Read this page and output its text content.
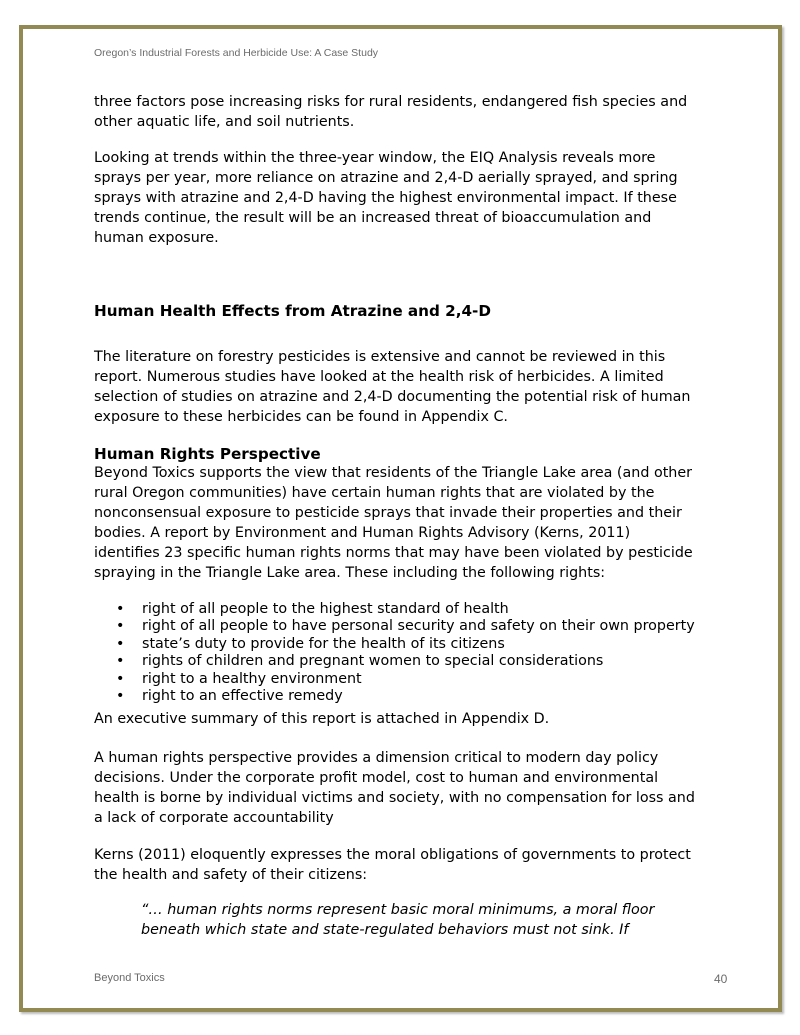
Oregon’s Industrial Forests and Herbicide Use: A Case Study
three factors pose increasing risks for rural residents, endangered fish species and
other aquatic life, and soil nutrients.
Looking at trends within the three-year window, the EIQ Analysis reveals more
sprays per year, more reliance on atrazine and 2,4-D aerially sprayed, and spring
sprays with atrazine and 2,4-D having the highest environmental impact. If these
trends continue, the result will be an increased threat of bioaccumulation and
human exposure.
Human Health Effects from Atrazine and 2,4-D
The literature on forestry pesticides is extensive and cannot be reviewed in this
report. Numerous studies have looked at the health risk of herbicides. A limited
selection of studies on atrazine and 2,4-D documenting the potential risk of human
exposure to these herbicides can be found in Appendix C.
Human Rights Perspective
Beyond Toxics supports the view that residents of the Triangle Lake area (and other
rural Oregon communities) have certain human rights that are violated by the
nonconsensual exposure to pesticide sprays that invade their properties and their
bodies. A report by Environment and Human Rights Advisory (Kerns, 2011)
identifies 23 specific human rights norms that may have been violated by pesticide
spraying in the Triangle Lake area. These including the following rights:
• right of all people to the highest standard of health
• right of all people to have personal security and safety on their own property
• state’s duty to provide for the health of its citizens
• rights of children and pregnant women to special considerations
• right to a healthy environment
• right to an effective remedy
An executive summary of this report is attached in Appendix D.
A human rights perspective provides a dimension critical to modern day policy
decisions. Under the corporate profit model, cost to human and environmental
health is borne by individual victims and society, with no compensation for loss and
a lack of corporate accountability
Kerns (2011) eloquently expresses the moral obligations of governments to protect
the health and safety of their citizens:
“… human rights norms represent basic moral minimums, a moral floor
beneath which state and state-regulated behaviors must not sink. If
Beyond Toxics	40
